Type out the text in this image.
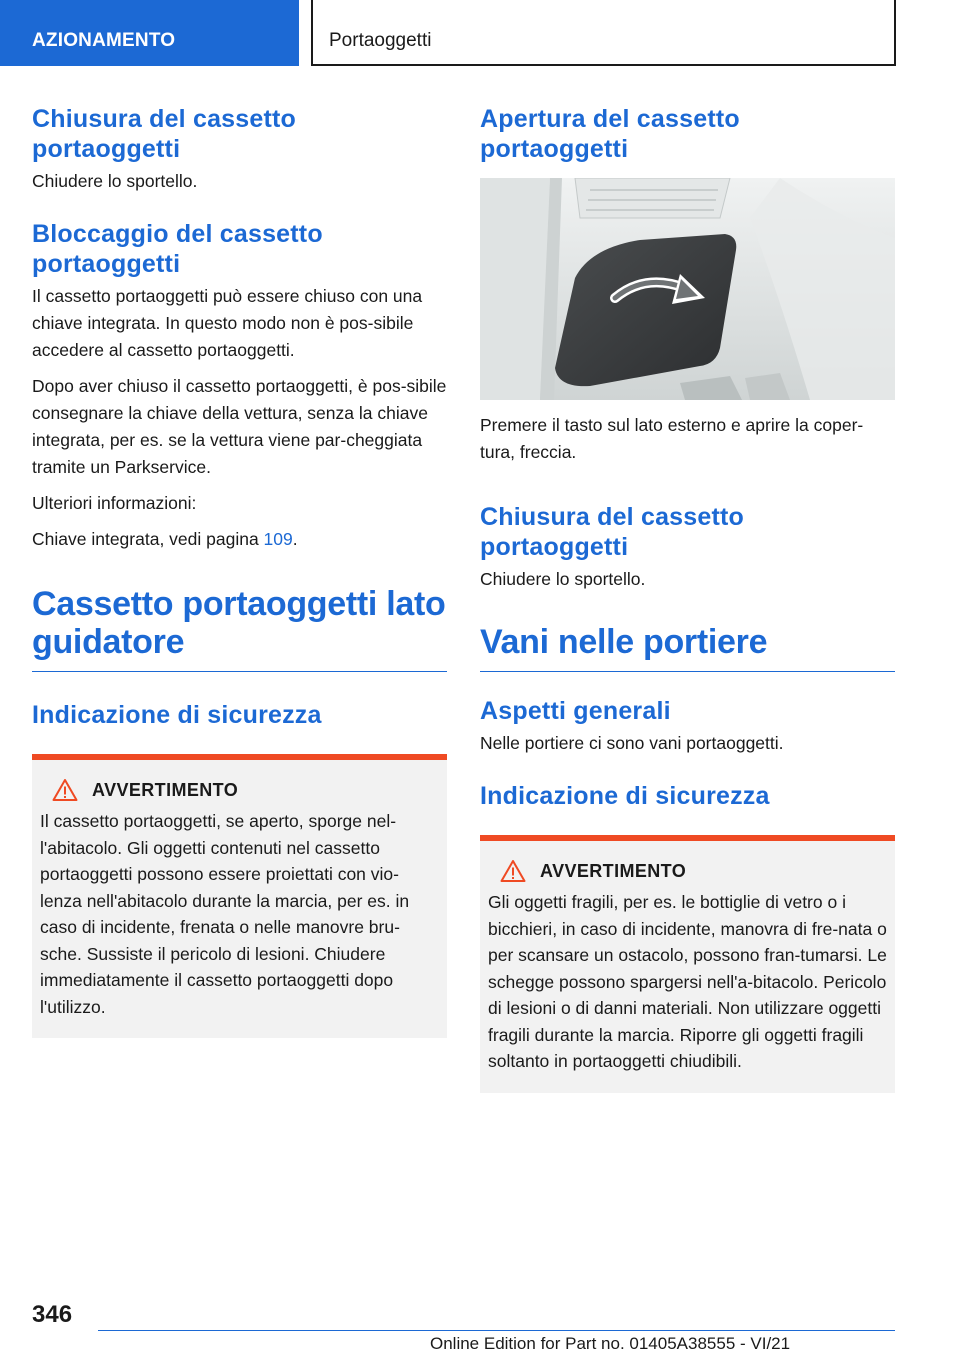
AZIONAMENTO	Portaoggetti
Chiusura del cassetto portaoggetti

Chiudere lo sportello.

Bloccaggio del cassetto portaoggetti

Il cassetto portaoggetti può essere chiuso con una chiave integrata. In questo modo non è pos-sibile accedere al cassetto portaoggetti.

Dopo aver chiuso il cassetto portaoggetti, è pos-sibile consegnare la chiave della vettura, senza la chiave integrata, per es. se la vettura viene par-cheggiata tramite un Parkservice.

Ulteriori informazioni:

Chiave integrata, vedi pagina 109.

Cassetto portaoggetti lato guidatore
Indicazione di sicurezza
AVVERTIMENTO

Il cassetto portaoggetti, se aperto, sporge nel-l'abitacolo. Gli oggetti contenuti nel cassetto portaoggetti possono essere proiettati con vio-lenza nell'abitacolo durante la marcia, per es. in caso di incidente, frenata o nelle manovre bru-sche. Sussiste il pericolo di lesioni. Chiudere immediatamente il cassetto portaoggetti dopo l'utilizzo.

Apertura del cassetto portaoggetti

Premere il tasto sul lato esterno e aprire la coper-tura, freccia.

Chiusura del cassetto portaoggetti

Chiudere lo sportello.

Vani nelle portiere
Aspetti generali

Nelle portiere ci sono vani portaoggetti.

Indicazione di sicurezza
AVVERTIMENTO

Gli oggetti fragili, per es. le bottiglie di vetro o i bicchieri, in caso di incidente, manovra di fre-nata o per scansare un ostacolo, possono fran-tumarsi. Le schegge possono spargersi nell'a-bitacolo. Pericolo di lesioni o di danni materiali. Non utilizzare oggetti fragili durante la marcia. Riporre gli oggetti fragili soltanto in portaoggetti chiudibili.

346
Online Edition for Part no. 01405A38555 - VI/21
